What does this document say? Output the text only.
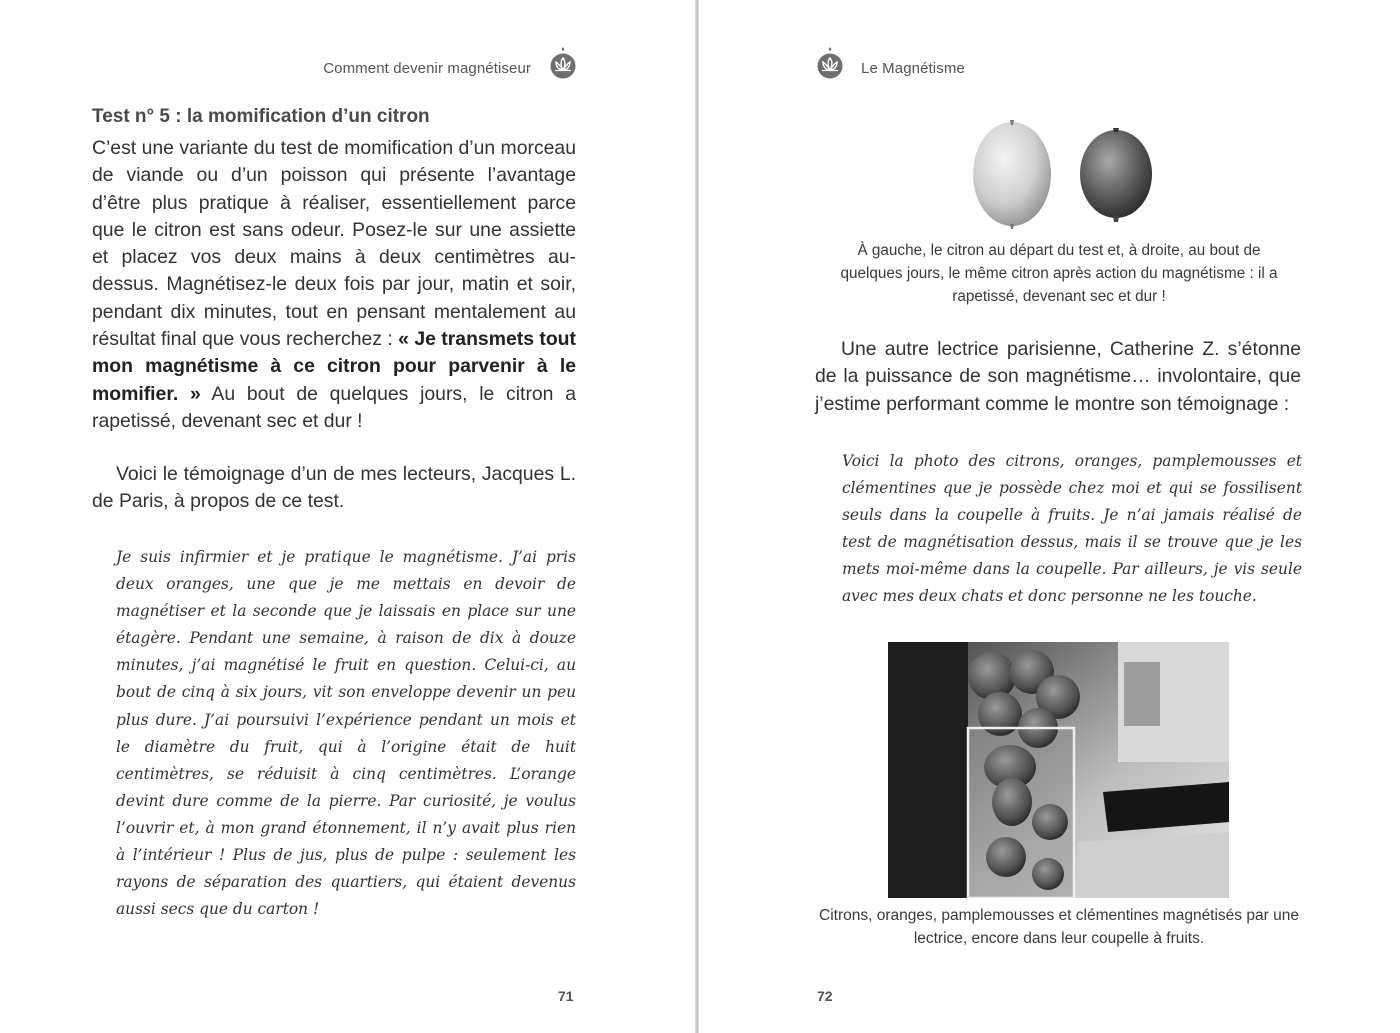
Comment devenir magnétiseur
Test n° 5 : la momification d’un citron

C’est une variante du test de momification d’un morceau de viande ou d’un poisson qui présente l’avantage d’être plus pratique à réaliser, essentiellement parce que le citron est sans odeur. Posez-le sur une assiette et placez vos deux mains à deux centimètres au-dessus. Magnétisez-le deux fois par jour, matin et soir, pendant dix minutes, tout en pensant mentalement au résultat final que vous recherchez : « Je transmets tout mon magnétisme à ce citron pour parvenir à le momifier. » Au bout de quelques jours, le citron a rapetissé, devenant sec et dur !

Voici le témoignage d’un de mes lecteurs, Jacques L. de Paris, à propos de ce test.

Je suis infirmier et je pratique le magnétisme. J’ai pris deux oranges, une que je me mettais en devoir de magnétiser et la seconde que je laissais en place sur une étagère. Pendant une semaine, à raison de dix à douze minutes, j’ai magnétisé le fruit en question. Celui-ci, au bout de cinq à six jours, vit son enveloppe devenir un peu plus dure. J’ai poursuivi l’expérience pendant un mois et le diamètre du fruit, qui à l’origine était de huit centimètres, se réduisit à cinq centimètres. L’orange devint dure comme de la pierre. Par curiosité, je voulus l’ouvrir et, à mon grand étonnement, il n’y avait plus rien à l’intérieur ! Plus de jus, plus de pulpe : seulement les rayons de séparation des quartiers, qui étaient devenus aussi secs que du carton !

71
Le Magnétisme

À gauche, le citron au départ du test et, à droite, au bout de quelques jours, le même citron après action du magnétisme : il a rapetissé, devenant sec et dur !

Une autre lectrice parisienne, Catherine Z. s’étonne de la puissance de son magnétisme… involontaire, que j’estime performant comme le montre son témoignage :

Voici la photo des citrons, oranges, pamplemousses et clémentines que je possède chez moi et qui se fossilisent seuls dans la coupelle à fruits. Je n’ai jamais réalisé de test de magnétisation dessus, mais il se trouve que je les mets moi-même dans la coupelle. Par ailleurs, je vis seule avec mes deux chats et donc personne ne les touche.

Citrons, oranges, pamplemousses et clémentines magnétisés par une lectrice, encore dans leur coupelle à fruits.

72
